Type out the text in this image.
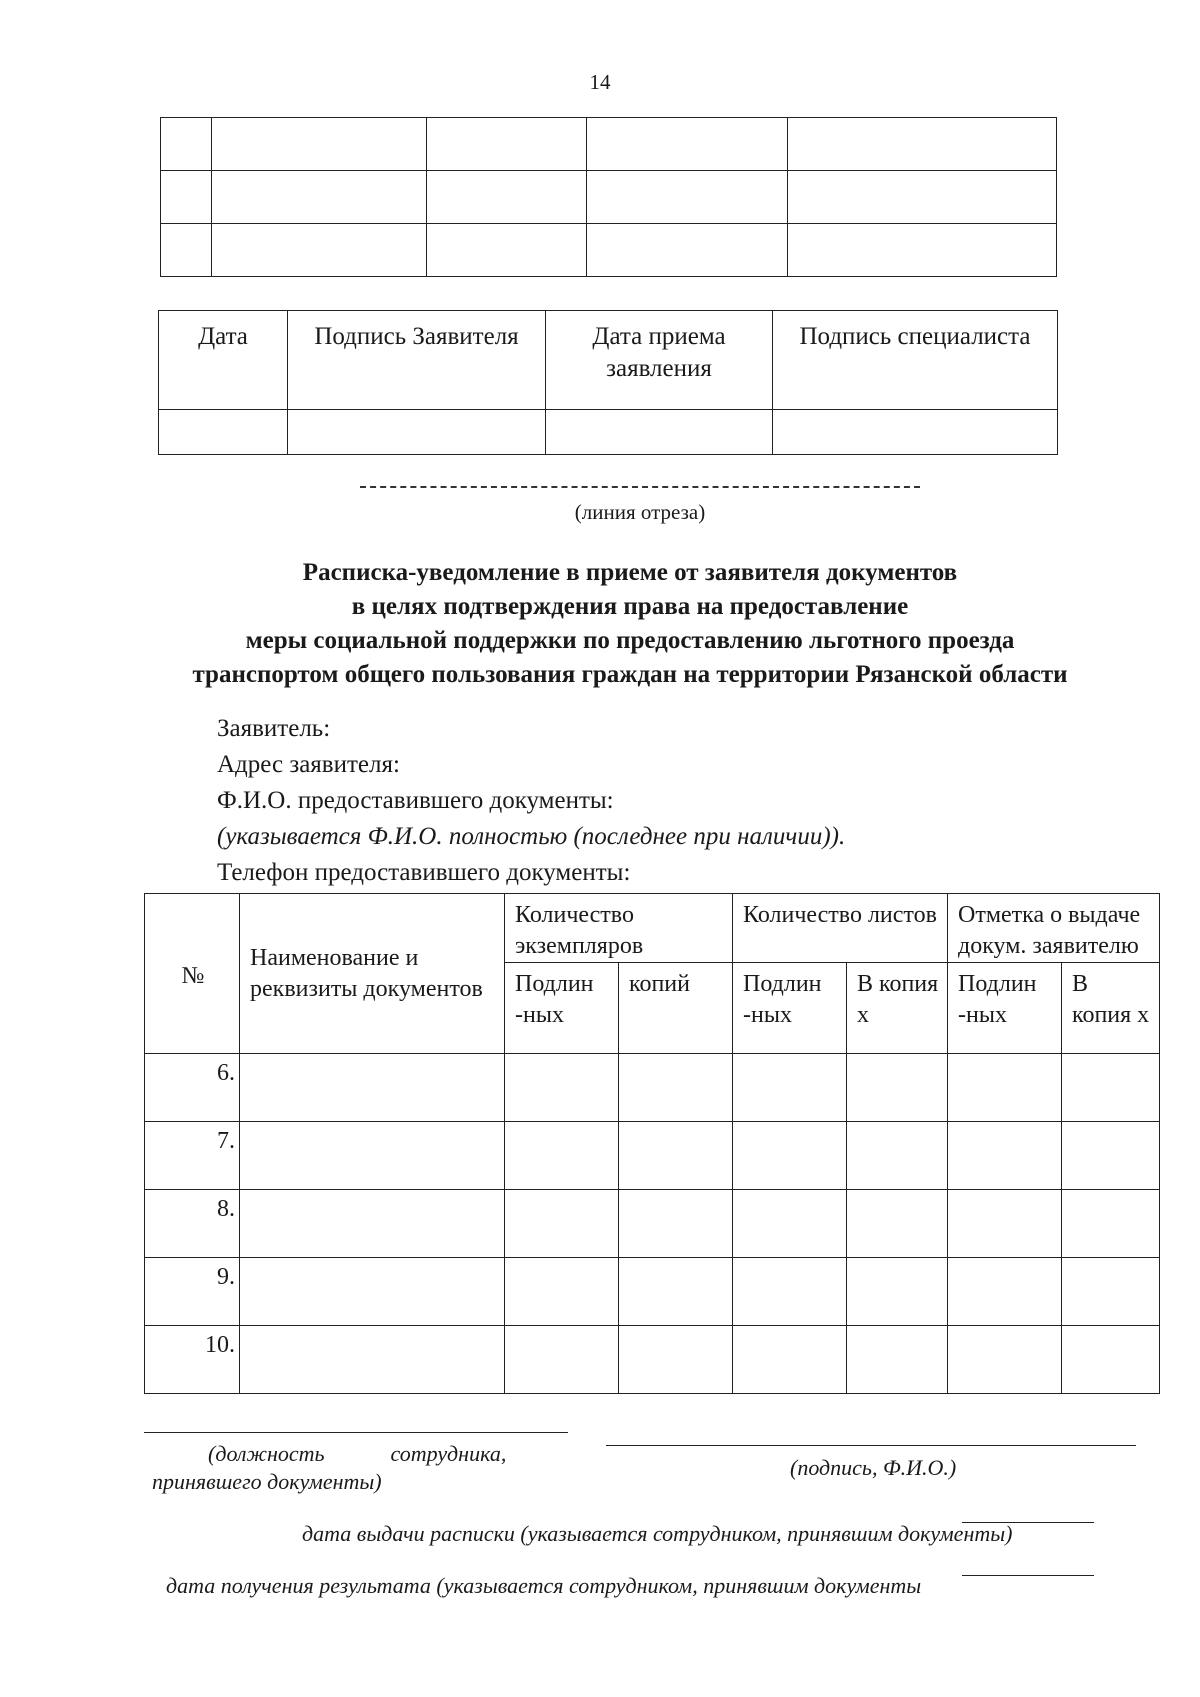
14

Дата	Подпись Заявителя	Дата приема заявления	Подпись специалиста

(линия отреза)
Расписка-уведомление в приеме от заявителя документов
в целях подтверждения права на предоставление
меры социальной поддержки по предоставлению льготного проезда
транспортом общего пользования граждан на территории Рязанской области
Заявитель:
Адрес заявителя:
Ф.И.О. предоставившего документы:
(указывается Ф.И.О. полностью (последнее при наличии)).
Телефон предоставившего документы:
№	Наименование и реквизиты документов	Количество экземпляров		Количество листов		Отметка о выдаче докум. заявителю	
		Подлин -ных	копий	Подлин -ных	В копия х	Подлин -ных	В копия х
6.							
7.							
8.							
9.							
10.							
(должность            сотрудника,
принявшего документы)
(подпись, Ф.И.О.)
дата выдачи расписки (указывается сотрудником, принявшим документы)
дата получения результата (указывается сотрудником, принявшим документы
